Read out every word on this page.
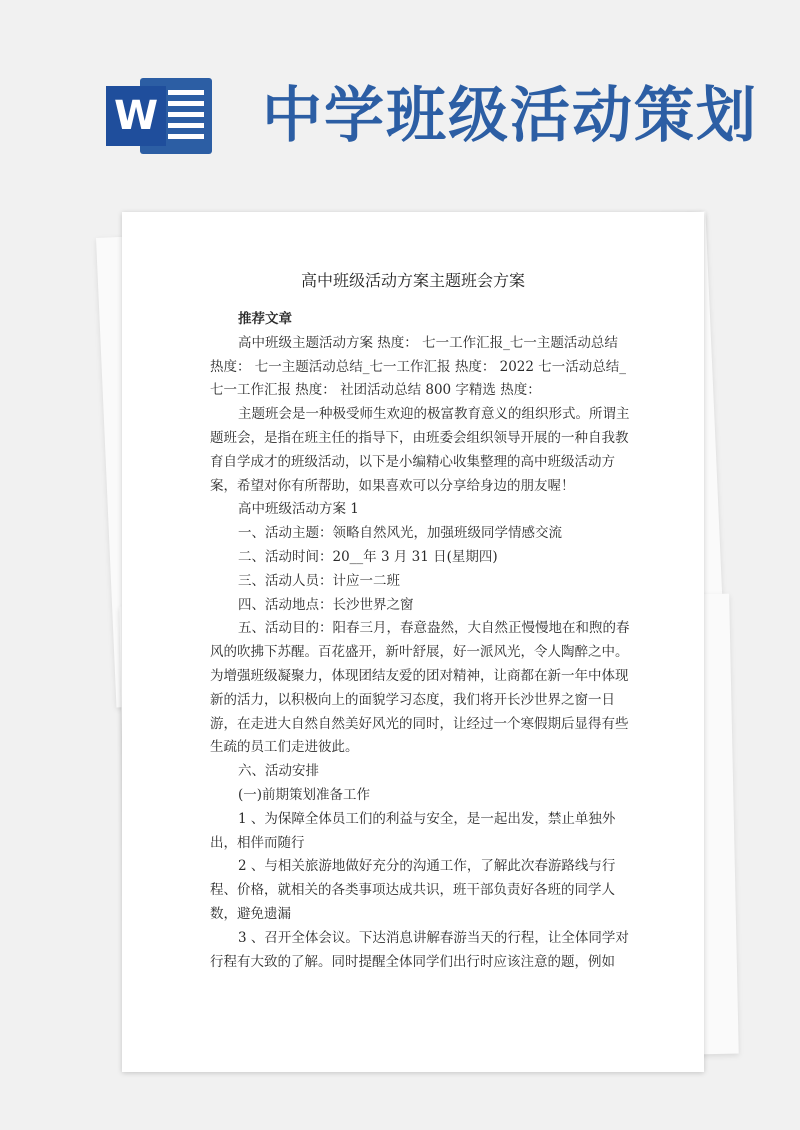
W 中学班级活动策划
高中班级活动方案主题班会方案

推荐文章

高中班级主题活动方案 热度： 七一工作汇报_七一主题活动总结 热度： 七一主题活动总结_七一工作汇报 热度： 2022 七一活动总结_七一工作汇报 热度： 社团活动总结 800 字精选 热度：

主题班会是一种极受师生欢迎的极富教育意义的组织形式。所谓主题班会，是指在班主任的指导下，由班委会组织领导开展的一种自我教育自学成才的班级活动，以下是小编精心收集整理的高中班级活动方案，希望对你有所帮助，如果喜欢可以分享给身边的朋友喔！

高中班级活动方案 1

一、活动主题：领略自然风光，加强班级同学情感交流

二、活动时间：20__年 3 月 31 日(星期四)

三、活动人员：计应一二班

四、活动地点：长沙世界之窗

五、活动目的：阳春三月，春意盎然，大自然正慢慢地在和煦的春风的吹拂下苏醒。百花盛开，新叶舒展，好一派风光，令人陶醉之中。为增强班级凝聚力，体现团结友爱的团对精神，让商都在新一年中体现新的活力，以积极向上的面貌学习态度，我们将开长沙世界之窗一日游，在走进大自然自然美好风光的同时，让经过一个寒假期后显得有些生疏的员工们走进彼此。

六、活动安排

(一)前期策划准备工作

1 、为保障全体员工们的利益与安全，是一起出发，禁止单独外出，相伴而随行

2 、与相关旅游地做好充分的沟通工作，了解此次春游路线与行程、价格，就相关的各类事项达成共识，班干部负责好各班的同学人数，避免遗漏

3 、召开全体会议。下达消息讲解春游当天的行程，让全体同学对行程有大致的了解。同时提醒全体同学们出行时应该注意的题，例如
